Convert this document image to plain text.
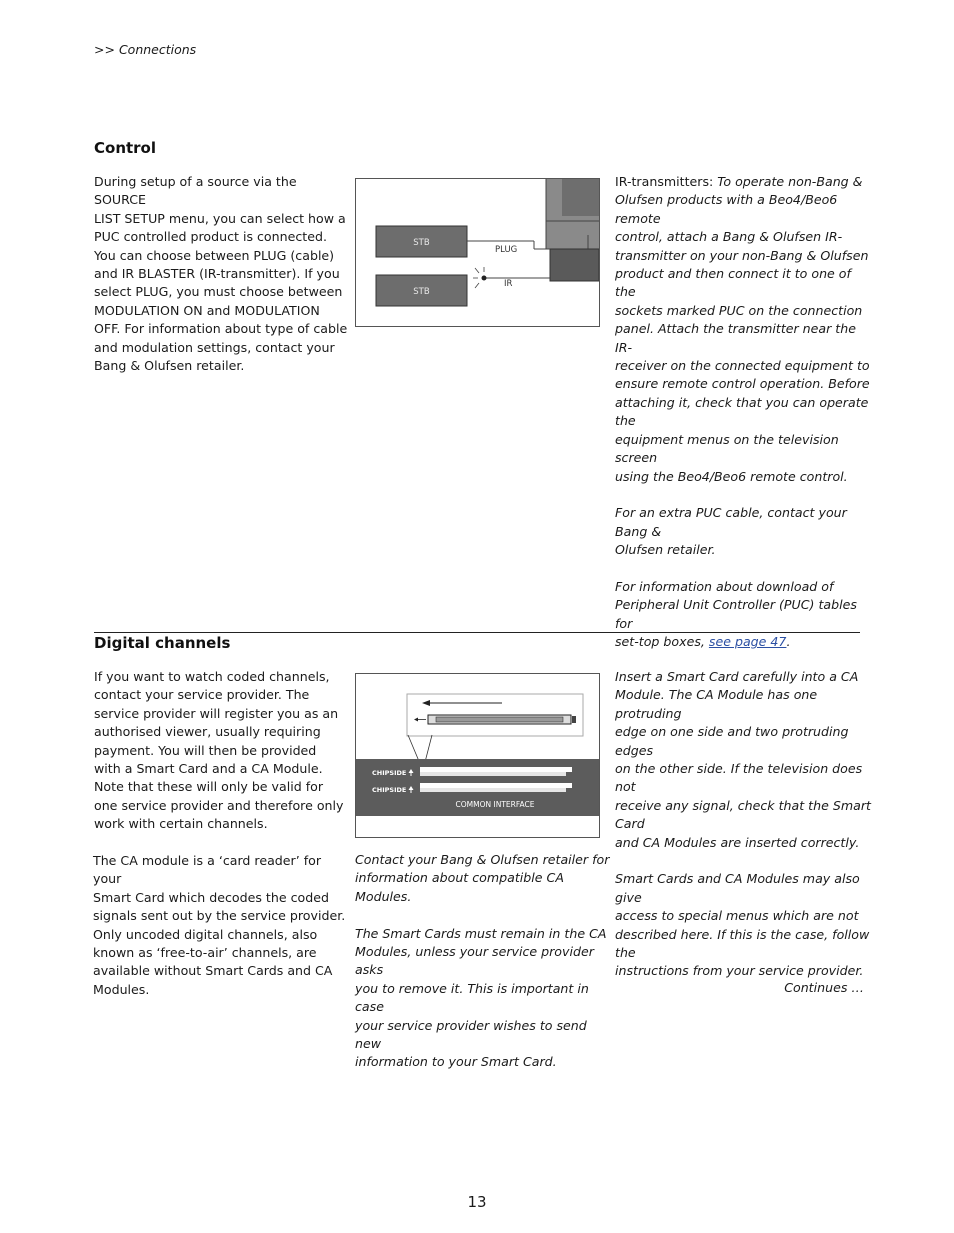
>> Connections
Control
During setup of a source via the SOURCE
LIST SETUP menu, you can select how a
PUC controlled product is connected.
You can choose between PLUG (cable)
and IR BLASTER (IR-transmitter). If you
select PLUG, you must choose between
MODULATION ON and MODULATION
OFF. For information about type of cable
and modulation settings, contact your
Bang & Olufsen retailer.
STB
STB
PLUG
IR
IR-transmitters: To operate non-Bang &
Olufsen products with a Beo4/Beo6 remote
control, attach a Bang & Olufsen IR-
transmitter on your non-Bang & Olufsen
product and then connect it to one of the
sockets marked PUC on the connection
panel. Attach the transmitter near the IR-
receiver on the connected equipment to
ensure remote control operation. Before
attaching it, check that you can operate the
equipment menus on the television screen
using the Beo4/Beo6 remote control.
For an extra PUC cable, contact your Bang &
Olufsen retailer.
For information about download of
Peripheral Unit Controller (PUC) tables for
set-top boxes, see page 47.
Digital channels
If you want to watch coded channels,
contact your service provider. The
service provider will register you as an
authorised viewer, usually requiring
payment. You will then be provided
with a Smart Card and a CA Module.
Note that these will only be valid for
one service provider and therefore only
work with certain channels.
The CA module is a ‘card reader’ for your
Smart Card which decodes the coded
signals sent out by the service provider.
Only uncoded digital channels, also
known as ‘free-to-air’ channels, are
available without Smart Cards and CA
Modules.
CHIPSIDE
CHIPSIDE
COMMON INTERFACE
Contact your Bang & Olufsen retailer for
information about compatible CA Modules.
The Smart Cards must remain in the CA
Modules, unless your service provider asks
you to remove it. This is important in case
your service provider wishes to send new
information to your Smart Card.
Insert a Smart Card carefully into a CA
Module. The CA Module has one protruding
edge on one side and two protruding edges
on the other side. If the television does not
receive any signal, check that the Smart Card
and CA Modules are inserted correctly.
Smart Cards and CA Modules may also give
access to special menus which are not
described here. If this is the case, follow the
instructions from your service provider.
Continues …
13
